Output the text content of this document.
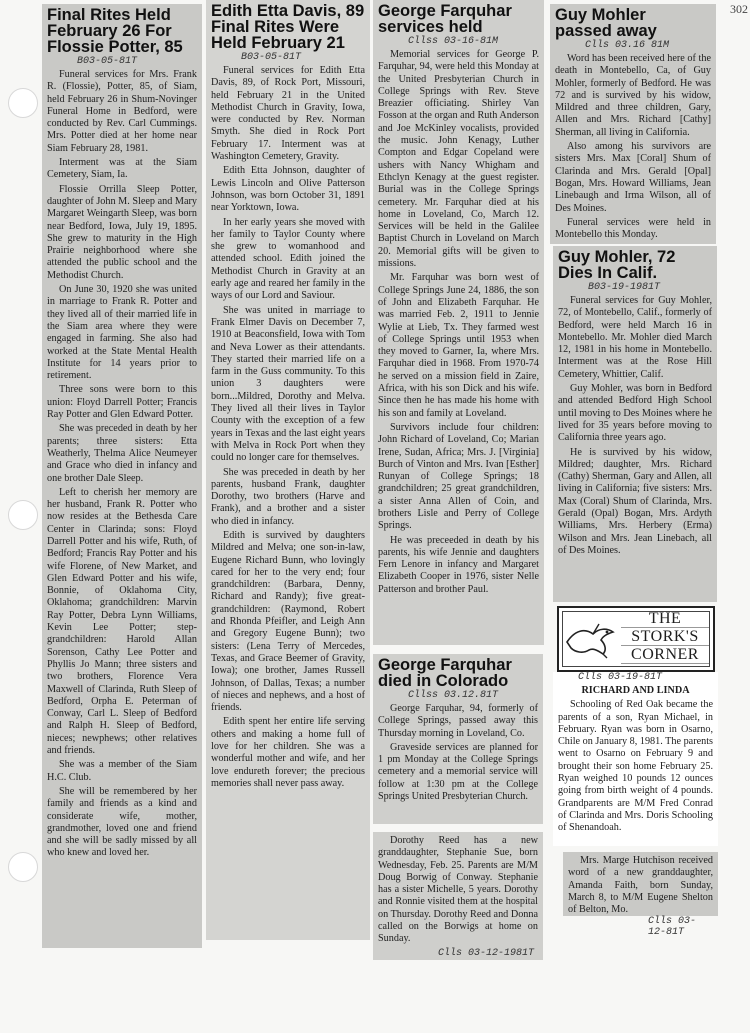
302
Final Rites Held
February 26 For
Flossie Potter, 85
B03-05-81T

Funeral services for Mrs. Frank R. (Flossie), Potter, 85, of Siam, held February 26 in Shum-Novinger Funeral Home in Bedford, were conducted by Rev. Carl Cummings. Mrs. Potter died at her home near Siam February 28, 1981.

Interment was at the Siam Cemetery, Siam, Ia.

Flossie Orrilla Sleep Potter, daughter of John M. Sleep and Mary Margaret Weingarth Sleep, was born near Bedford, Iowa, July 19, 1895. She grew to maturity in the High Prairie neighborhood where she attended the public school and the Methodist Church.

On June 30, 1920 she was united in marriage to Frank R. Potter and they lived all of their married life in the Siam area where they were engaged in farming. She also had worked at the State Mental Health Institute for 14 years prior to retirement.

Three sons were born to this union: Floyd Darrell Potter; Francis Ray Potter and Glen Edward Potter.

She was preceded in death by her parents; three sisters: Etta Weatherly, Thelma Alice Neumeyer and Grace who died in infancy and one brother Dale Sleep.

Left to cherish her memory are her husband, Frank R. Potter who now resides at the Bethesda Care Center in Clarinda; sons: Floyd Darrell Potter and his wife, Ruth, of Bedford; Francis Ray Potter and his wife Florene, of New Market, and Glen Edward Potter and his wife, Bonnie, of Oklahoma City, Oklahoma; grandchildren: Marvin Ray Potter, Debra Lynn Williams, Kevin Lee Potter; step-grandchildren: Harold Allan Sorenson, Cathy Lee Potter and Phyllis Jo Mann; three sisters and two brothers, Florence Vera Maxwell of Clarinda, Ruth Sleep of Bedford, Orpha E. Peterman of Conway, Carl L. Sleep of Bedford and Ralph H. Sleep of Bedford, nieces; newphews; other relatives and friends.

She was a member of the Siam H.C. Club.

She will be remembered by her family and friends as a kind and considerate wife, mother, grandmother, loved one and friend and she will be sadly missed by all who knew and loved her.

Edith Etta Davis, 89
Final Rites Were
Held February 21
B03-05-81T

Funeral services for Edith Etta Davis, 89, of Rock Port, Missouri, held February 21 in the United Methodist Church in Gravity, Iowa, were conducted by Rev. Norman Smyth. She died in Rock Port February 17. Interment was at Washington Cemetery, Gravity.

Edith Etta Johnson, daughter of Lewis Lincoln and Olive Patterson Johnson, was born October 31, 1891 near Yorktown, Iowa.

In her early years she moved with her family to Taylor County where she grew to womanhood and attended school. Edith joined the Methodist Church in Gravity at an early age and reared her family in the ways of our Lord and Saviour.

She was united in marriage to Frank Elmer Davis on December 7, 1910 at Beaconsfield, Iowa with Tom and Neva Lower as their attendants. They started their married life on a farm in the Guss community. To this union 3 daughters were born...Mildred, Dorothy and Melva. They lived all their lives in Taylor County with the exception of a few years in Texas and the last eight years with Melva in Rock Port when they could no longer care for themselves.

She was preceded in death by her parents, husband Frank, daughter Dorothy, two brothers (Harve and Frank), and a brother and a sister who died in infancy.

Edith is survived by daughters Mildred and Melva; one son-in-law, Eugene Richard Bunn, who lovingly cared for her to the very end; four grandchildren: (Barbara, Denny, Richard and Randy); five great-grandchildren: (Raymond, Robert and Rhonda Pfeifler, and Leigh Ann and Gregory Eugene Bunn); two sisters: (Lena Terry of Mercedes, Texas, and Grace Beemer of Gravity, Iowa); one brother, James Russell Johnson, of Dallas, Texas; a number of nieces and nephews, and a host of friends.

Edith spent her entire life serving others and making a home full of love for her children. She was a wonderful mother and wife, and her love endureth forever; the precious memories shall never pass away.

George Farquhar
services held
Cllss 03-16-81M

Memorial services for George P. Farquhar, 94, were held this Monday at the United Presbyterian Church in College Springs with Rev. Steve Breazier officiating. Shirley Van Fosson at the organ and Ruth Anderson and Joe McKinley vocalists, provided the music. John Kenagy, Luther Compton and Edgar Copeland were ushers with Nancy Whigham and Ethclyn Kenagy at the guest register. Burial was in the College Springs cemetery. Mr. Farquhar died at his home in Loveland, Co, March 12. Services will be held in the Galilee Baptist Church in Loveland on March 20. Memorial gifts will be given to missions.

Mr. Farquhar was born west of College Springs June 24, 1886, the son of John and Elizabeth Farquhar. He was married Feb. 2, 1911 to Jennie Wylie at Lieb, Tx. They farmed west of College Springs until 1953 when they moved to Garner, Ia, where Mrs. Farquhar died in 1968. From 1970-74 he served on a mission field in Zaire, Africa, with his son Dick and his wife. Since then he has made his home with his son and family at Loveland.

Survivors include four children: John Richard of Loveland, Co; Marian Irene, Sudan, Africa; Mrs. J. [Virginia] Burch of Vinton and Mrs. Ivan [Esther] Runyan of College Springs; 18 grandchildren; 25 great grandchildren, a sister Anna Allen of Coin, and brothers Lisle and Perry of College Springs.

He was preceeded in death by his parents, his wife Jennie and daughters Fern Lenore in infancy and Margaret Elizabeth Cooper in 1976, sister Nelle Patterson and brother Paul.

George Farquhar
died in Colorado
Cllss 03.12.81T

George Farquhar, 94, formerly of College Springs, passed away this Thursday morning in Loveland, Co.

Graveside services are planned for 1 pm Monday at the College Springs cemetery and a memorial service will follow at 1:30 pm at the College Springs United Presbyterian Church.

Dorothy Reed has a new granddaughter, Stephanie Sue, born Wednesday, Feb. 25. Parents are M/M Doug Borwig of Conway. Stephanie has a sister Michelle, 5 years. Dorothy and Ronnie visited them at the hospital on Thursday. Dorothy Reed and Donna called on the Borwigs at home on Sunday.

Clls 03-12-1981T
Guy Mohler
passed away
Clls 03.16 81M

Word has been received here of the death in Montebello, Ca, of Guy Mohler, formerly of Bedford. He was 72 and is survived by his widow, Mildred and three children, Gary, Allen and Mrs. Richard [Cathy] Sherman, all living in California.

Also among his survivors are sisters Mrs. Max [Coral] Shum of Clarinda and Mrs. Gerald [Opal] Bogan, Mrs. Howard Williams, Jean Linebaugh and Irma Wilson, all of Des Moines.

Funeral services were held in Montebello this Monday.

Guy Mohler, 72
Dies In Calif.
B03-19-1981T

Funeral services for Guy Mohler, 72, of Montebello, Calif., formerly of Bedford, were held March 16 in Montebello. Mr. Mohler died March 12, 1981 in his home in Montebello. Interment was at the Rose Hill Cemetery, Whittier, Calif.

Guy Mohler, was born in Bedford and attended Bedford High School until moving to Des Moines where he lived for 35 years before moving to California three years ago.

He is survived by his widow, Mildred; daughter, Mrs. Richard (Cathy) Sherman, Gary and Allen, all living in California; five sisters: Mrs. Max (Coral) Shum of Clarinda, Mrs. Gerald (Opal) Bogan, Mrs. Ardyth Williams, Mrs. Herbery (Erma) Wilson and Mrs. Jean Linebach, all of Des Moines.

THE
STORK'S
CORNER
Clls 03-19-81T

RICHARD AND LINDA

Schooling of Red Oak became the parents of a son, Ryan Michael, in February. Ryan was born in Osarno, Chile on January 8, 1981. The parents went to Osarno on February 9 and brought their son home February 25. Ryan weighed 10 pounds 12 ounces going from birth weight of 4 pounds. Grandparents are M/M Fred Conrad of Clarinda and Mrs. Doris Schooling of Shenandoah.

Mrs. Marge Hutchison received word of a new granddaughter, Amanda Faith, born Sunday, March 8, to M/M Eugene Shelton of Belton, Mo.

Clls 03-12-81T
